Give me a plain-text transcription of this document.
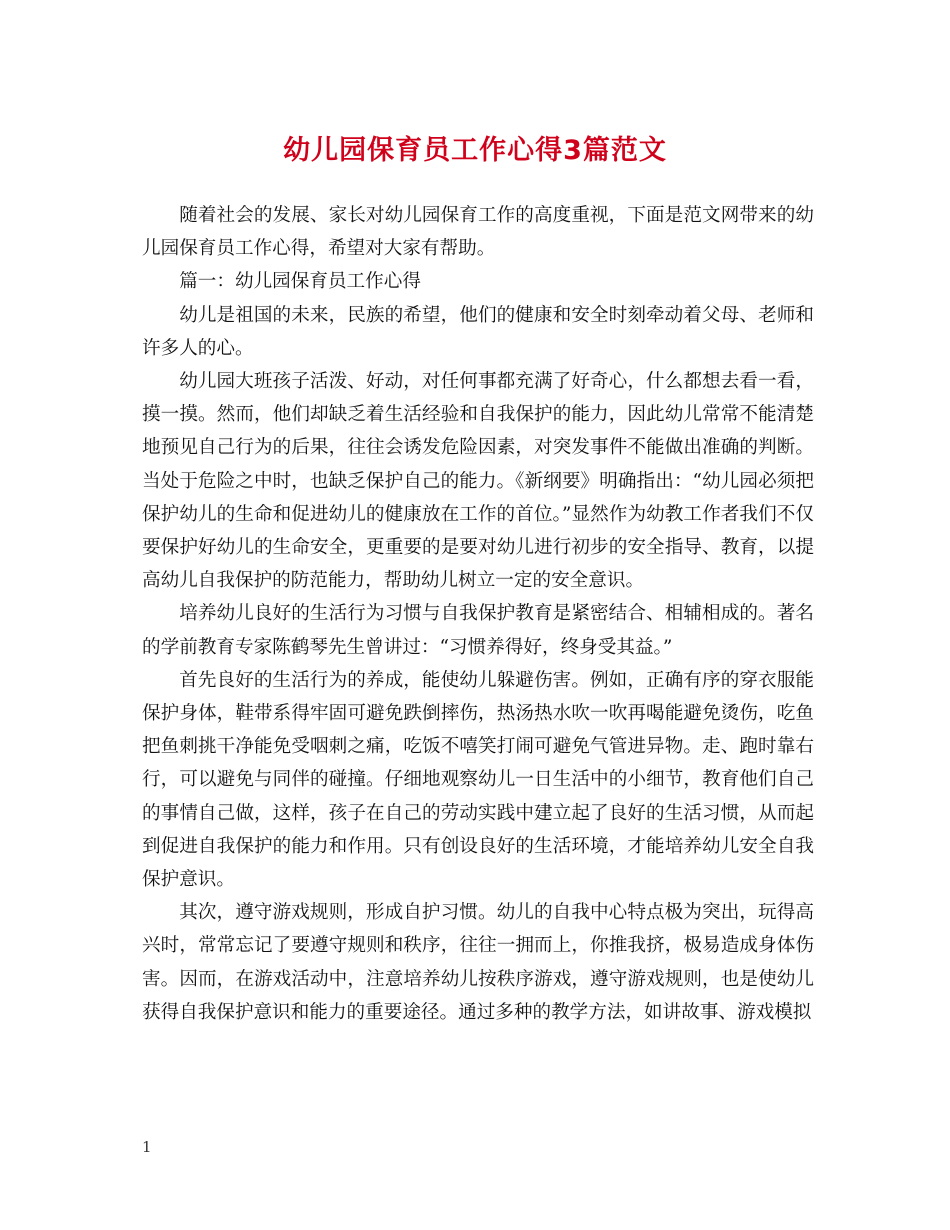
幼儿园保育员工作心得3篇范文

随着社会的发展、家长对幼儿园保育工作的高度重视，下面是范文网带来的幼儿园保育员工作心得，希望对大家有帮助。

篇一：幼儿园保育员工作心得

幼儿是祖国的未来，民族的希望，他们的健康和安全时刻牵动着父母、老师和许多人的心。

幼儿园大班孩子活泼、好动，对任何事都充满了好奇心，什么都想去看一看，摸一摸。然而，他们却缺乏着生活经验和自我保护的能力，因此幼儿常常不能清楚地预见自己行为的后果，往往会诱发危险因素，对突发事件不能做出准确的判断。当处于危险之中时，也缺乏保护自己的能力。《新纲要》明确指出：“幼儿园必须把保护幼儿的生命和促进幼儿的健康放在工作的首位。”显然作为幼教工作者我们不仅要保护好幼儿的生命安全，更重要的是要对幼儿进行初步的安全指导、教育，以提高幼儿自我保护的防范能力，帮助幼儿树立一定的安全意识。

培养幼儿良好的生活行为习惯与自我保护教育是紧密结合、相辅相成的。著名的学前教育专家陈鹤琴先生曾讲过：“习惯养得好，终身受其益。”

首先良好的生活行为的养成，能使幼儿躲避伤害。例如，正确有序的穿衣服能保护身体，鞋带系得牢固可避免跌倒摔伤，热汤热水吹一吹再喝能避免烫伤，吃鱼把鱼刺挑干净能免受咽刺之痛，吃饭不嘻笑打闹可避免气管进异物。走、跑时靠右行，可以避免与同伴的碰撞。仔细地观察幼儿一日生活中的小细节，教育他们自己的事情自己做，这样，孩子在自己的劳动实践中建立起了良好的生活习惯，从而起到促进自我保护的能力和作用。只有创设良好的生活环境，才能培养幼儿安全自我保护意识。

其次，遵守游戏规则，形成自护习惯。幼儿的自我中心特点极为突出，玩得高兴时，常常忘记了要遵守规则和秩序，往往一拥而上，你推我挤，极易造成身体伤害。因而，在游戏活动中，注意培养幼儿按秩序游戏，遵守游戏规则，也是使幼儿获得自我保护意识和能力的重要途径。通过多种的教学方法，如讲故事、游戏模拟

1
